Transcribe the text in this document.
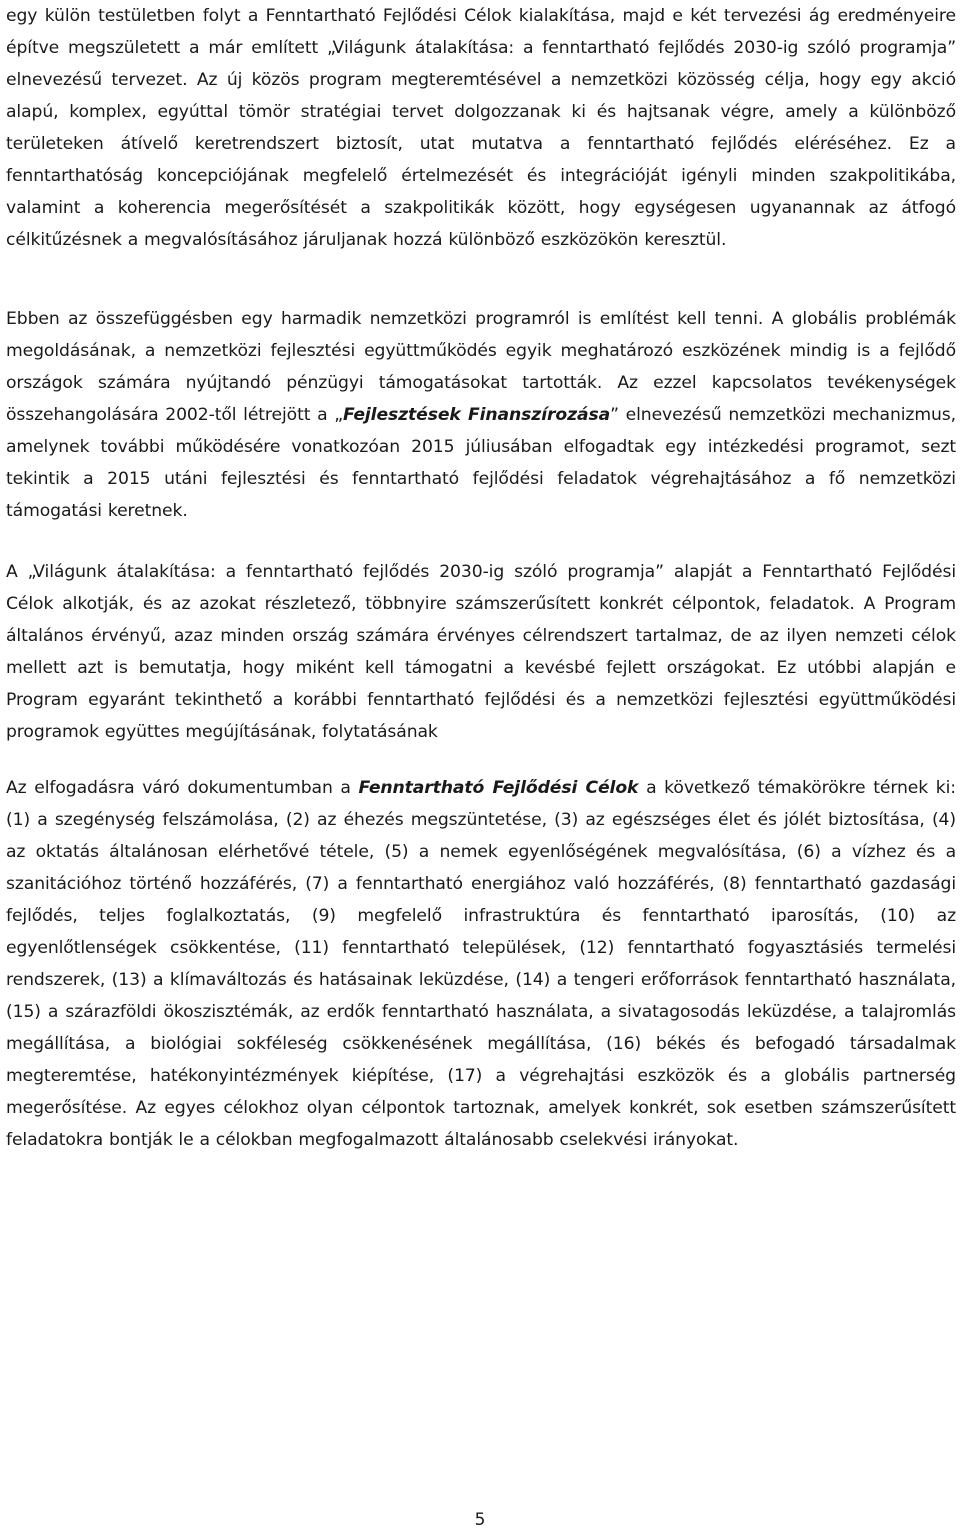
egy külön testületben folyt a Fenntartható Fejlődési Célok kialakítása, majd e két tervezési ág eredményeire építve megszületett a már említett „Világunk átalakítása: a fenntartható fejlődés 2030-ig szóló programja” elnevezésű tervezet. Az új közös program megteremtésével a nemzetközi közösség célja, hogy egy akció alapú, komplex, egyúttal tömör stratégiai tervet dolgozzanak ki és hajtsanak végre, amely a különböző területeken átívelő keretrendszert biztosít, utat mutatva a fenntartható fejlődés eléréséhez. Ez a fenntarthatóság koncepciójának megfelelő értelmezését és integrációját igényli minden szakpolitikába, valamint a koherencia megerősítését a szakpolitikák között, hogy egységesen ugyanannak az átfogó célkitűzésnek a megvalósításához járuljanak hozzá különböző eszközökön keresztül.

Ebben az összefüggésben egy harmadik nemzetközi programról is említést kell tenni. A globális problémák megoldásának, a nemzetközi fejlesztési együttműködés egyik meghatározó eszközének mindig is a fejlődő országok számára nyújtandó pénzügyi támogatásokat tartották. Az ezzel kapcsolatos tevékenységek összehangolására 2002-től létrejött a „Fejlesztések Finanszírozása” elnevezésű nemzetközi mechanizmus, amelynek további működésére vonatkozóan 2015 júliusában elfogadtak egy intézkedési programot, sezt tekintik a 2015 utáni fejlesztési és fenntartható fejlődési feladatok végrehajtásához a fő nemzetközi támogatási keretnek.

A „Világunk átalakítása: a fenntartható fejlődés 2030-ig szóló programja” alapját a Fenntartható Fejlődési Célok alkotják, és az azokat részletező, többnyire számszerűsített konkrét célpontok, feladatok. A Program általános érvényű, azaz minden ország számára érvényes célrendszert tartalmaz, de az ilyen nemzeti célok mellett azt is bemutatja, hogy miként kell támogatni a kevésbé fejlett országokat. Ez utóbbi alapján e Program egyaránt tekinthető a korábbi fenntartható fejlődési és a nemzetközi fejlesztési együttműködési programok együttes megújításának, folytatásának

Az elfogadásra váró dokumentumban a Fenntartható Fejlődési Célok a következő témakörökre térnek ki: (1) a szegénység felszámolása, (2) az éhezés megszüntetése, (3) az egészséges élet és jólét biztosítása, (4) az oktatás általánosan elérhetővé tétele, (5) a nemek egyenlőségének megvalósítása, (6) a vízhez és a szanitációhoz történő hozzáférés, (7) a fenntartható energiához való hozzáférés, (8) fenntartható gazdasági fejlődés, teljes foglalkoztatás, (9) megfelelő infrastruktúra és fenntartható iparosítás, (10) az egyenlőtlenségek csökkentése, (11) fenntartható települések, (12) fenntartható fogyasztásiés termelési rendszerek, (13) a klímaváltozás és hatásainak leküzdése, (14) a tengeri erőforrások fenntartható használata, (15) a szárazföldi ökoszisztémák, az erdők fenntartható használata, a sivatagosodás leküzdése, a talajromlás megállítása, a biológiai sokféleség csökkenésének megállítása, (16) békés és befogadó társadalmak megteremtése, hatékonyintézmények kiépítése, (17) a végrehajtási eszközök és a globális partnerség megerősítése. Az egyes célokhoz olyan célpontok tartoznak, amelyek konkrét, sok esetben számszerűsített feladatokra bontják le a célokban megfogalmazott általánosabb cselekvési irányokat.

5
